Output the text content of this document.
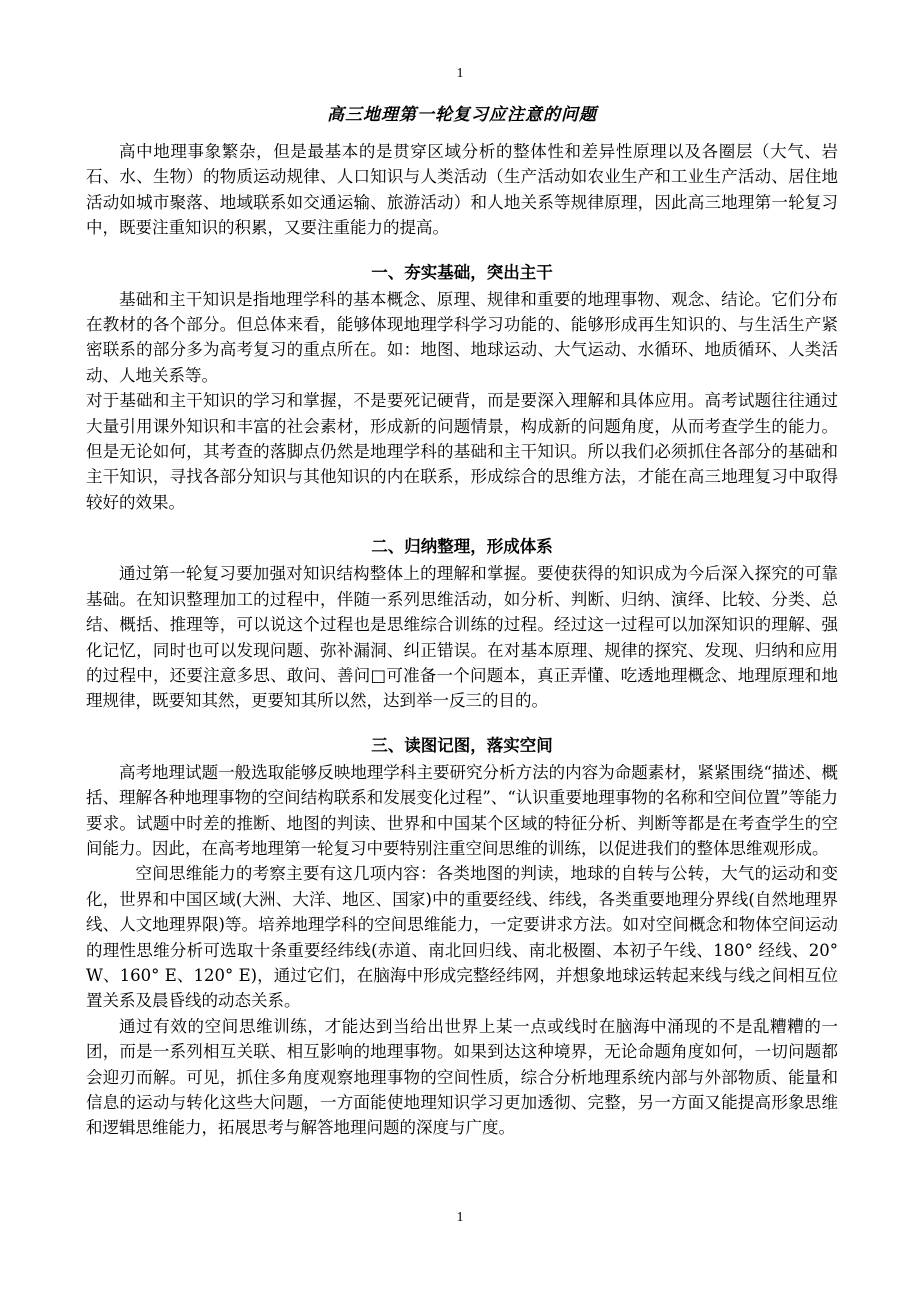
1
高三地理第一轮复习应注意的问题

高中地理事象繁杂，但是最基本的是贯穿区域分析的整体性和差异性原理以及各圈层（大气、岩石、水、生物）的物质运动规律、人口知识与人类活动（生产活动如农业生产和工业生产活动、居住地活动如城市聚落、地域联系如交通运输、旅游活动）和人地关系等规律原理，因此高三地理第一轮复习中，既要注重知识的积累，又要注重能力的提高。

一、夯实基础，突出主干

基础和主干知识是指地理学科的基本概念、原理、规律和重要的地理事物、观念、结论。它们分布在教材的各个部分。但总体来看，能够体现地理学科学习功能的、能够形成再生知识的、与生活生产紧密联系的部分多为高考复习的重点所在。如：地图、地球运动、大气运动、水循环、地质循环、人类活动、人地关系等。

对于基础和主干知识的学习和掌握，不是要死记硬背，而是要深入理解和具体应用。高考试题往往通过大量引用课外知识和丰富的社会素材，形成新的问题情景，构成新的问题角度，从而考查学生的能力。但是无论如何，其考查的落脚点仍然是地理学科的基础和主干知识。所以我们必须抓住各部分的基础和主干知识，寻找各部分知识与其他知识的内在联系，形成综合的思维方法，才能在高三地理复习中取得较好的效果。

二、归纳整理，形成体系

通过第一轮复习要加强对知识结构整体上的理解和掌握。要使获得的知识成为今后深入探究的可靠基础。在知识整理加工的过程中，伴随一系列思维活动，如分析、判断、归纳、演绎、比较、分类、总结、概括、推理等，可以说这个过程也是思维综合训练的过程。经过这一过程可以加深知识的理解、强化记忆，同时也可以发现问题、弥补漏洞、纠正错误。在对基本原理、规律的探究、发现、归纳和应用的过程中，还要注意多思、敢问、善问□可准备一个问题本，真正弄懂、吃透地理概念、地理原理和地理规律，既要知其然，更要知其所以然，达到举一反三的目的。

三、读图记图，落实空间

高考地理试题一般选取能够反映地理学科主要研究分析方法的内容为命题素材，紧紧围绕“描述、概括、理解各种地理事物的空间结构联系和发展变化过程”、“认识重要地理事物的名称和空间位置”等能力要求。试题中时差的推断、地图的判读、世界和中国某个区域的特征分析、判断等都是在考查学生的空间能力。因此，在高考地理第一轮复习中要特别注重空间思维的训练，以促进我们的整体思维观形成。

空间思维能力的考察主要有这几项内容：各类地图的判读，地球的自转与公转，大气的运动和变化，世界和中国区域(大洲、大洋、地区、国家)中的重要经线、纬线，各类重要地理分界线(自然地理界线、人文地理界限)等。培养地理学科的空间思维能力，一定要讲求方法。如对空间概念和物体空间运动的理性思维分析可选取十条重要经纬线(赤道、南北回归线、南北极圈、本初子午线、180° 经线、20° W、160° E、120° E)，通过它们，在脑海中形成完整经纬网，并想象地球运转起来线与线之间相互位置关系及晨昏线的动态关系。

通过有效的空间思维训练，才能达到当给出世界上某一点或线时在脑海中涌现的不是乱糟糟的一团，而是一系列相互关联、相互影响的地理事物。如果到达这种境界，无论命题角度如何，一切问题都会迎刃而解。可见，抓住多角度观察地理事物的空间性质，综合分析地理系统内部与外部物质、能量和信息的运动与转化这些大问题，一方面能使地理知识学习更加透彻、完整，另一方面又能提高形象思维和逻辑思维能力，拓展思考与解答地理问题的深度与广度。

1
